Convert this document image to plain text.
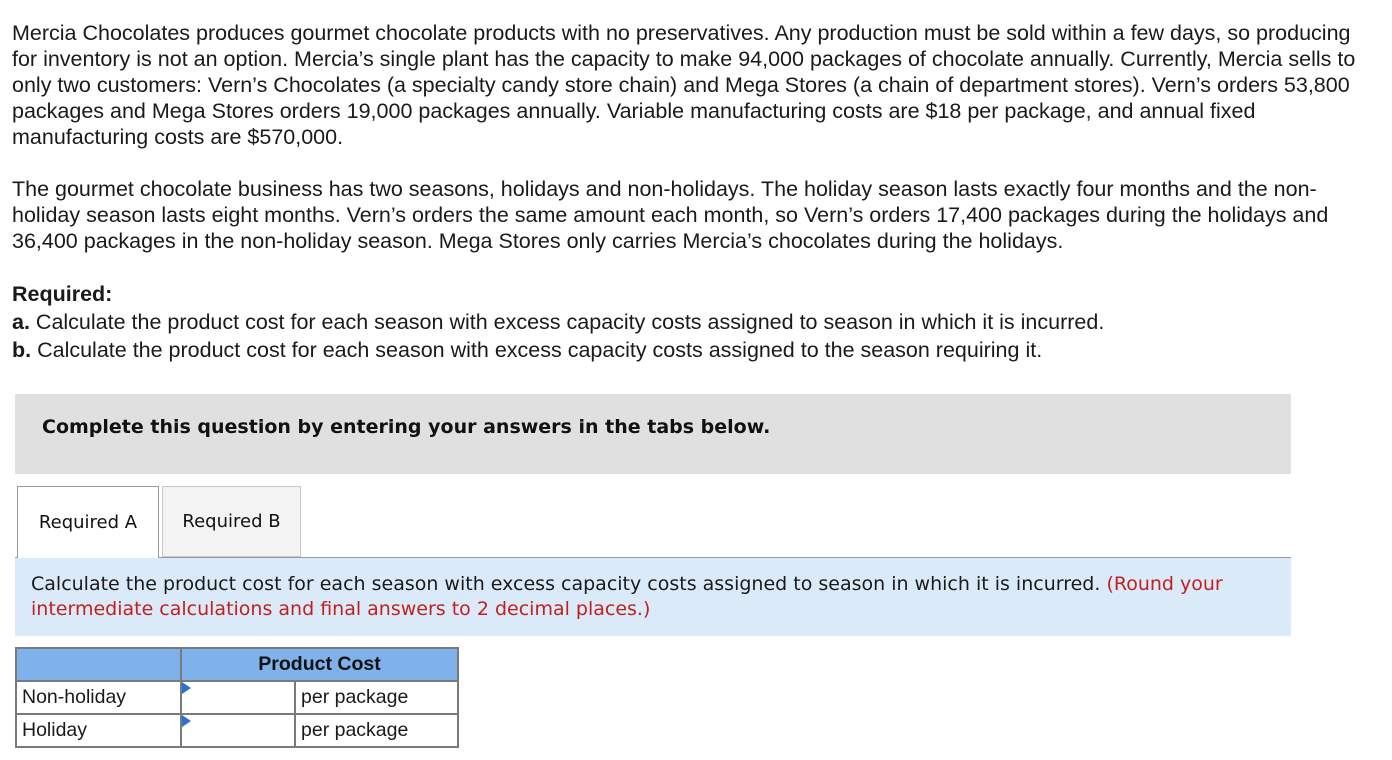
Mercia Chocolates produces gourmet chocolate products with no preservatives. Any production must be sold within a few days, so producing for inventory is not an option. Mercia’s single plant has the capacity to make 94,000 packages of chocolate annually. Currently, Mercia sells to only two customers: Vern’s Chocolates (a specialty candy store chain) and Mega Stores (a chain of department stores). Vern’s orders 53,800 packages and Mega Stores orders 19,000 packages annually. Variable manufacturing costs are $18 per package, and annual fixed manufacturing costs are $570,000.

The gourmet chocolate business has two seasons, holidays and non-holidays. The holiday season lasts exactly four months and the non-holiday season lasts eight months. Vern’s orders the same amount each month, so Vern’s orders 17,400 packages during the holidays and 36,400 packages in the non-holiday season. Mega Stores only carries Mercia’s chocolates during the holidays.

Required:
a. Calculate the product cost for each season with excess capacity costs assigned to season in which it is incurred.
b. Calculate the product cost for each season with excess capacity costs assigned to the season requiring it.
Complete this question by entering your answers in the tabs below.
Required A	Required B
Calculate the product cost for each season with excess capacity costs assigned to season in which it is incurred. (Round your intermediate calculations and final answers to 2 decimal places.)
	Product Cost	
Non-holiday		per package
Holiday		per package
